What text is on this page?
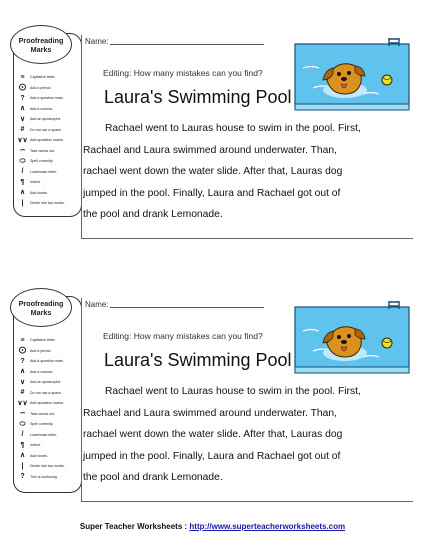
Proofreading
Marks
≡	Capitalize letter.
⨀	Add a period.
?	Add a question mark.
∧	Add a comma.
∨	Add an apostrophe.
#	Do not use a space.
∨∨ Add quotation marks.
∽	Take words out.
⬭	Spell correctly.
/	Lowercase letter.
¶	Indent.
∧	Add words.
|	Divide into two words.
Name:
Editing: How many mistakes can you find?
Laura's Swimming Pool
Rachael went to Lauras house to swim in the pool. First,
Rachael and Laura swimmed around underwater. Than,
rachael went down the water slide. After that, Lauras dog
jumped in the pool. Finally, Laura and Rachael got out of
the pool and drank Lemonade.
Proofreading
Marks
≡	Capitalize letter.
⨀	Add a period.
?	Add a question mark.
∧	Add a comma.
∨	Add an apostrophe.
#	Do not use a space.
∨∨ Add quotation marks.
∽	Take words out.
⬭	Spell correctly.
/	Lowercase letter.
¶	Indent.
∧	Add words.
|	Divide into two words.
?	This is confusing.
Name:
Editing: How many mistakes can you find?
Laura's Swimming Pool
Rachael went to Lauras house to swim in the pool. First,
Rachael and Laura swimmed around underwater. Than,
rachael went down the water slide. After that, Lauras dog
jumped in the pool. Finally, Laura and Rachael got out of
the pool and drank Lemonade.
Super Teacher Worksheets : http://www.superteacherworksheets.com
